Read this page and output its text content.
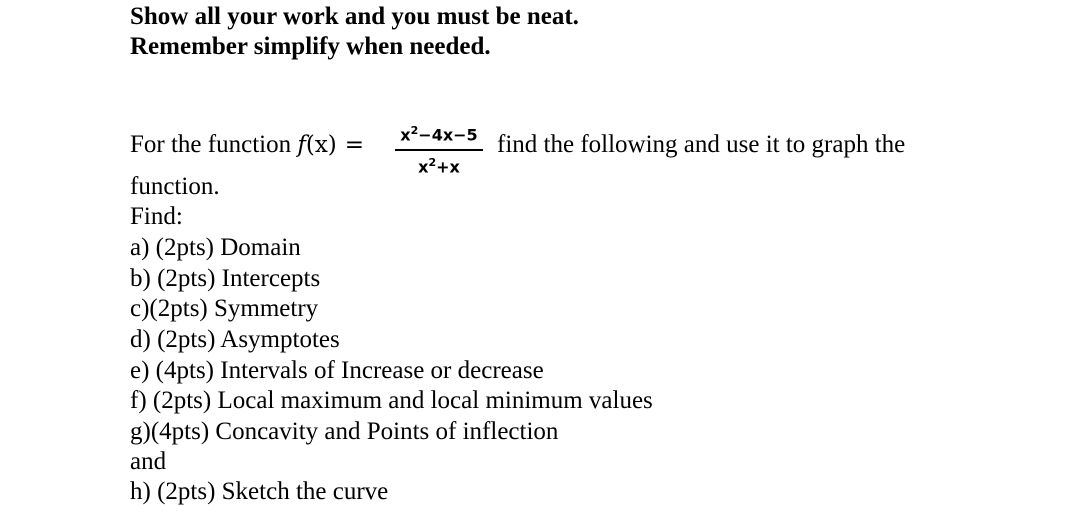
Show all your work and you must be neat.
Remember simplify when needed.
For the function f(x) =	$x^2-4x-5$
$x^2+x$
find the following and use it to graph the
function.
Find:
a) (2pts) Domain
b) (2pts) Intercepts
c)(2pts) Symmetry
d) (2pts) Asymptotes
e) (4pts) Intervals of Increase or decrease
f) (2pts) Local maximum and local minimum values
g)(4pts) Concavity and Points of inflection
and
h) (2pts) Sketch the curve
